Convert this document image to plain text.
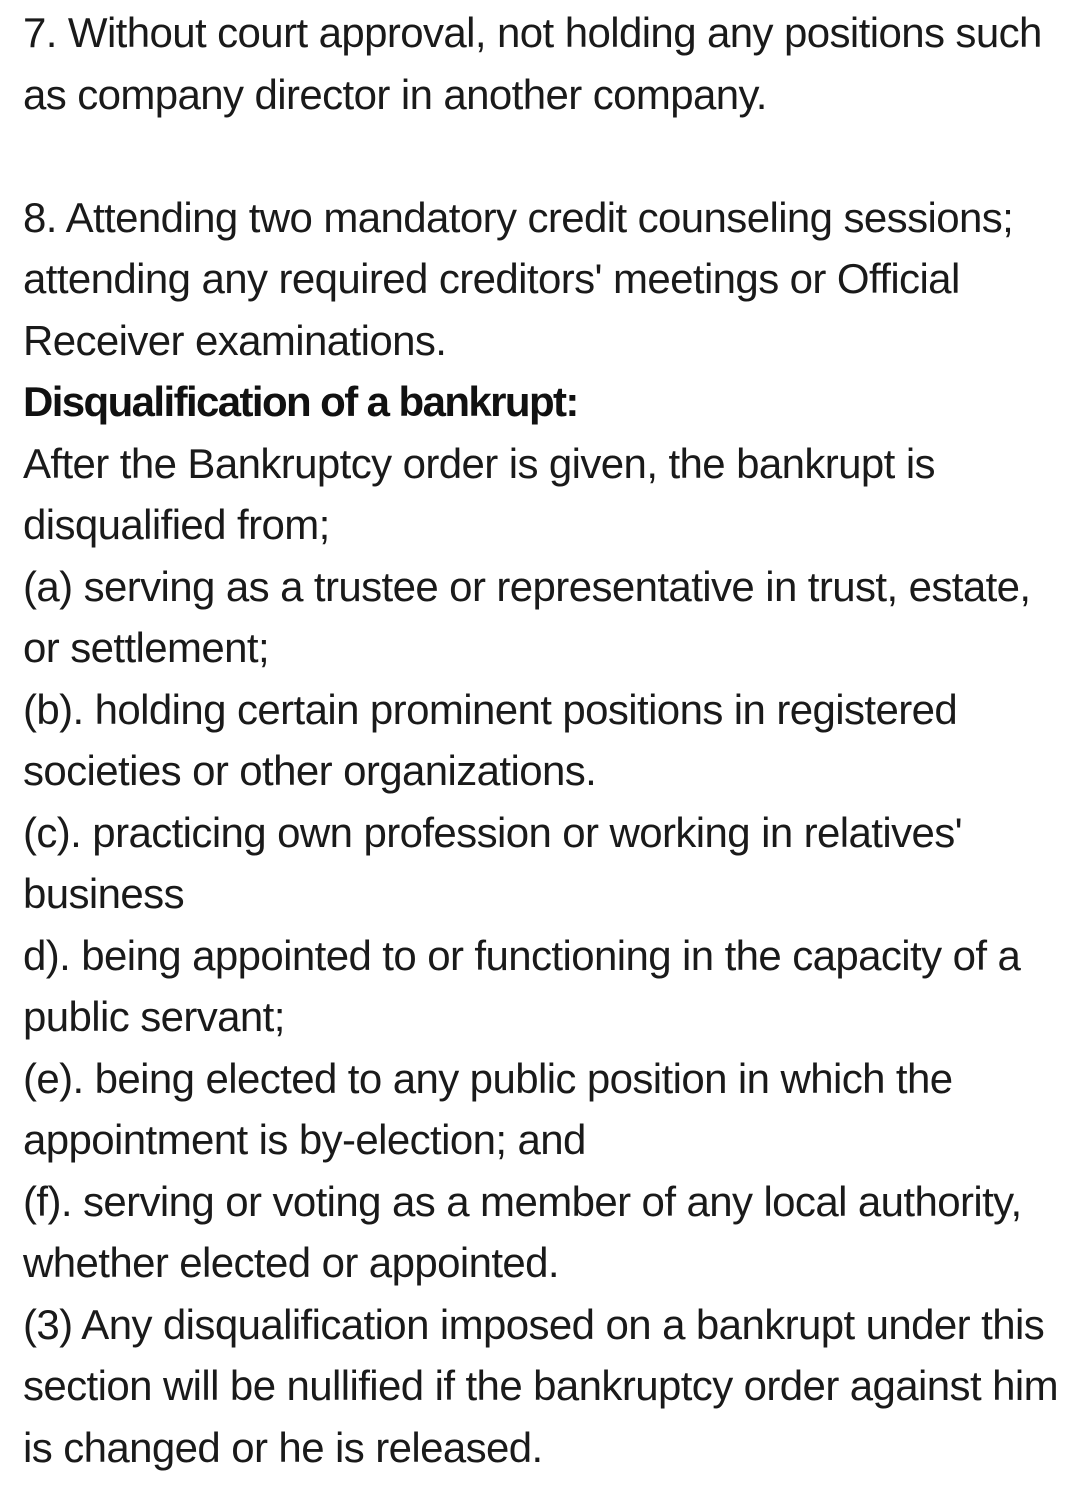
7. Without court approval, not holding any positions such as company director in another company.

8. Attending two mandatory credit counseling sessions; attending any required creditors' meetings or Official Receiver examinations.

Disqualification of a bankrupt:

After the Bankruptcy order is given, the bankrupt is disqualified from;

(a) serving as a trustee or representative in trust, estate, or settlement;

(b). holding certain prominent positions in registered societies or other organizations.

(c). practicing own profession or working in relatives' business

d). being appointed to or functioning in the capacity of a public servant;

(e). being elected to any public position in which the appointment is by-election; and

(f). serving or voting as a member of any local authority, whether elected or appointed.

(3) Any disqualification imposed on a bankrupt under this section will be nullified if the bankruptcy order against him is changed or he is released.
